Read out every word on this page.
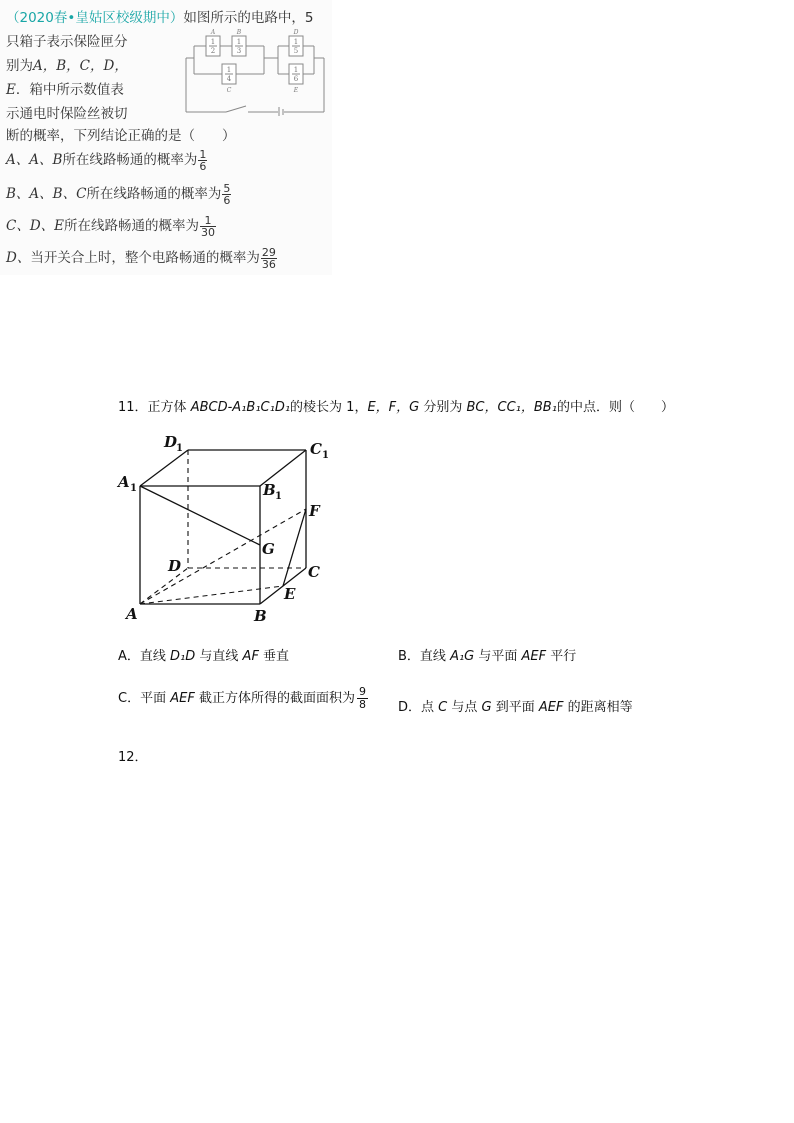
（2020春•皇姑区校级期中）如图所示的电路中，5
只箱子表示保险匣分
别为A，B，C，D，
E．箱中所示数值表
示通电时保险丝被切
断的概率，下列结论正确的是（　　）
A、A、B所在线路畅通的概率为 $\frac{1}{6}$
B、A、B、C所在线路畅通的概率为 $\frac{5}{6}$
C、D、E所在线路畅通的概率为 $\frac{1}{30}$
D、当开关合上时，整个电路畅通的概率为 $\frac{29}{36}$
A	B
C
D
E
1
2
1
3
1
4
1
5
1
6
11．正方体 ABCD-A₁B₁C₁D₁的棱长为 1，E，F，G 分别为 BC，CC₁，BB₁的中点．则（　　）
D
1	C 1
A 1	B 1
F
G
D	C
E
A	B
A．直线 D₁D 与直线 AF 垂直	B．直线 A₁G 与平面 AEF 平行
C．平面 AEF 截正方体所得的截面面积为 $\frac{9}{8}$ D．点 C 与点 G 到平面 AEF 的距离相等
12．
